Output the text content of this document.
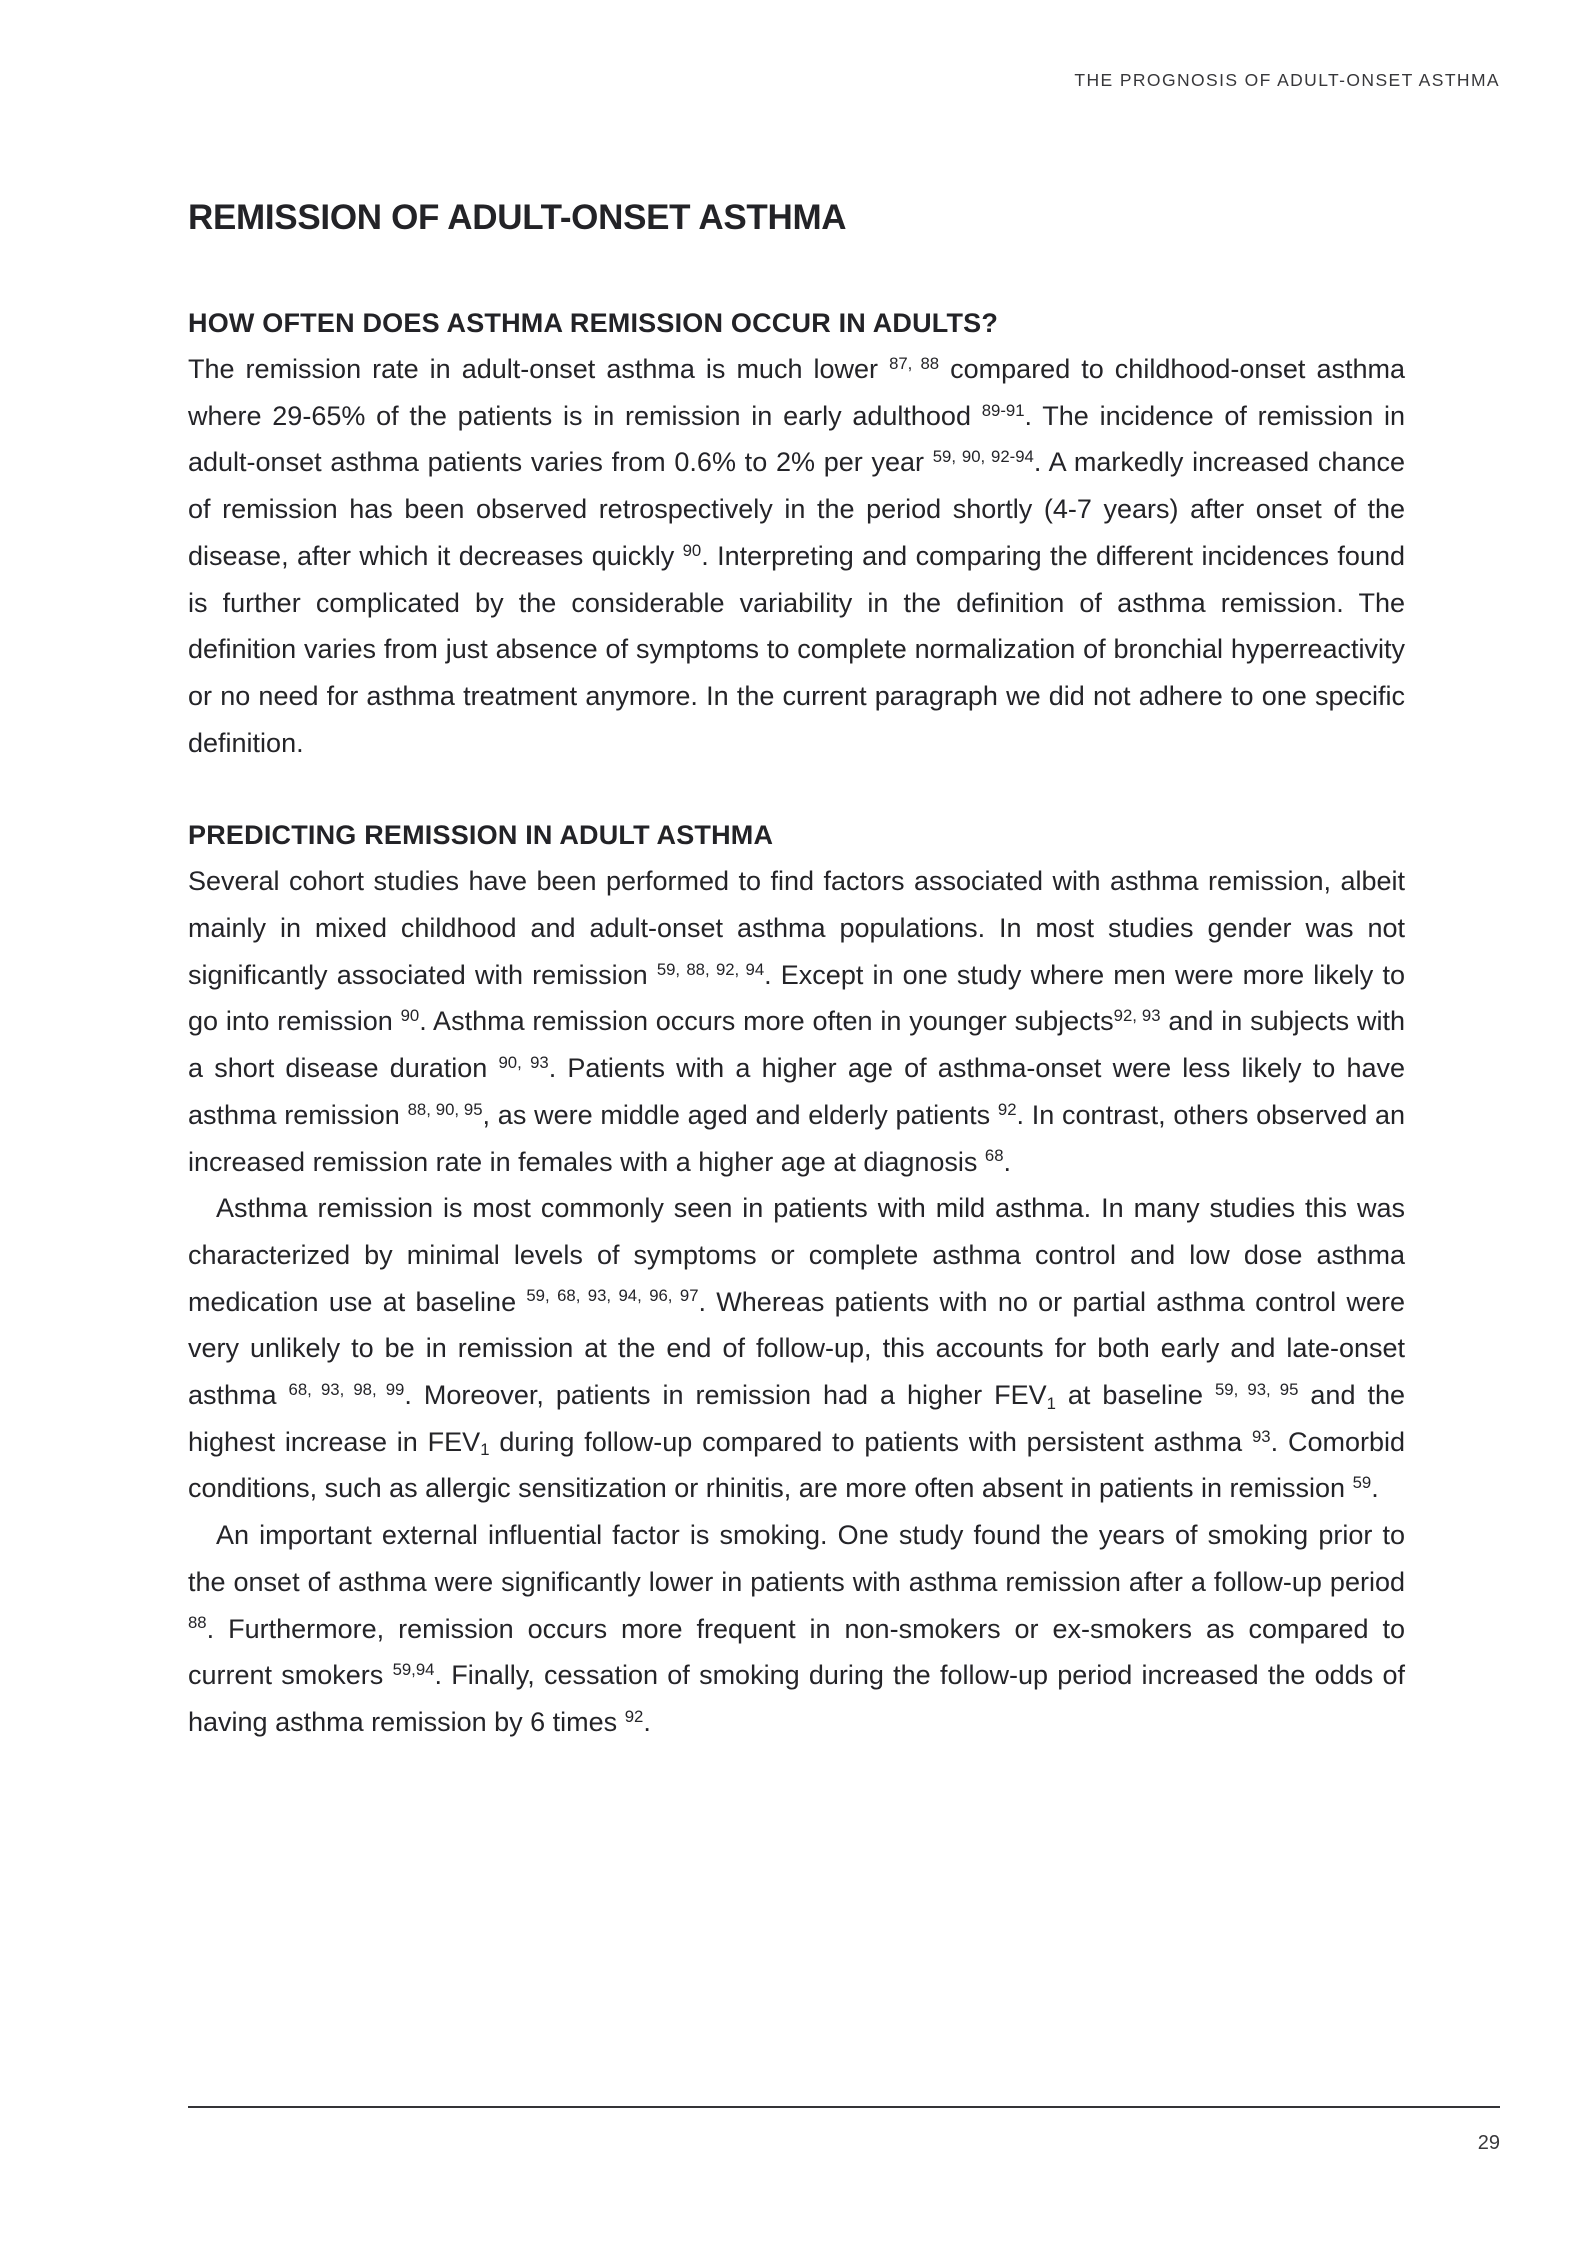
THE PROGNOSIS OF ADULT-ONSET ASTHMA
REMISSION OF ADULT-ONSET ASTHMA
HOW OFTEN DOES ASTHMA REMISSION OCCUR IN ADULTS?

The remission rate in adult-onset asthma is much lower $^{87, 88}$ compared to childhood-onset asthma where 29-65% of the patients is in remission in early adulthood $^{89-91}$. The incidence of remission in adult-onset asthma patients varies from 0.6% to 2% per year $^{59, 90, 92-94}$. A markedly increased chance of remission has been observed retrospectively in the period shortly (4-7 years) after onset of the disease, after which it decreases quickly $^{90}$. Interpreting and comparing the different incidences found is further complicated by the considerable variability in the definition of asthma remission. The definition varies from just absence of symptoms to complete normalization of bronchial hyperreactivity or no need for asthma treatment anymore. In the current paragraph we did not adhere to one specific definition.

PREDICTING REMISSION IN ADULT ASTHMA

Several cohort studies have been performed to find factors associated with asthma remission, albeit mainly in mixed childhood and adult-onset asthma populations. In most studies gender was not significantly associated with remission $^{59, 88, 92, 94}$. Except in one study where men were more likely to go into remission $^{90}$. Asthma remission occurs more often in younger subjects$^{92, 93}$ and in subjects with a short disease duration $^{90, 93}$. Patients with a higher age of asthma-onset were less likely to have asthma remission $^{88, 90, 95}$, as were middle aged and elderly patients $^{92}$. In contrast, others observed an increased remission rate in females with a higher age at diagnosis $^{68}$.

Asthma remission is most commonly seen in patients with mild asthma. In many studies this was characterized by minimal levels of symptoms or complete asthma control and low dose asthma medication use at baseline $^{59, 68, 93, 94, 96, 97}$. Whereas patients with no or partial asthma control were very unlikely to be in remission at the end of follow-up, this accounts for both early and late-onset asthma $^{68, 93, 98, 99}$. Moreover, patients in remission had a higher $FEV_1$ at baseline $^{59, 93, 95}$ and the highest increase in $FEV_1$ during follow-up compared to patients with persistent asthma $^{93}$. Comorbid conditions, such as allergic sensitization or rhinitis, are more often absent in patients in remission $^{59}$.

An important external influential factor is smoking. One study found the years of smoking prior to the onset of asthma were significantly lower in patients with asthma remission after a follow-up period $^{88}$. Furthermore, remission occurs more frequent in non-smokers or ex-smokers as compared to current smokers $^{59,94}$. Finally, cessation of smoking during the follow-up period increased the odds of having asthma remission by 6 times $^{92}$.

29
